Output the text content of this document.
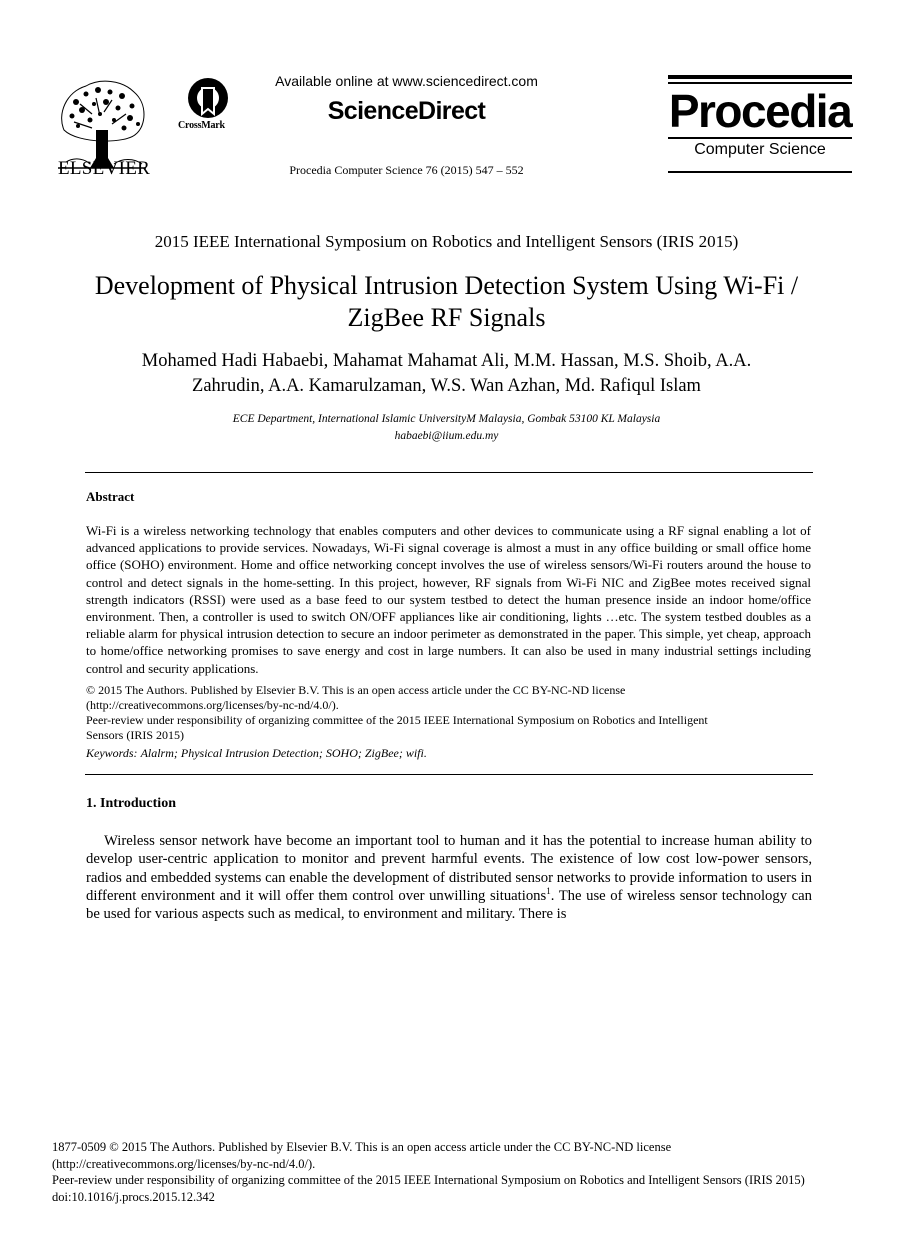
ELSEVIER
CrossMark
Available online at www.sciencedirect.com
ScienceDirect
Procedia Computer Science 76 (2015) 547 – 552
Procedia
Computer Science
2015 IEEE International Symposium on Robotics and Intelligent Sensors (IRIS 2015)
Development of Physical Intrusion Detection System Using Wi-Fi /
ZigBee RF Signals
Mohamed Hadi Habaebi, Mahamat Mahamat Ali, M.M. Hassan, M.S. Shoib, A.A.
Zahrudin, A.A. Kamarulzaman, W.S. Wan Azhan, Md. Rafiqul Islam
ECE Department, International Islamic UniversityM Malaysia, Gombak 53100 KL Malaysia
habaebi@iium.edu.my
Abstract
Wi-Fi is a wireless networking technology that enables computers and other devices to communicate using a RF signal enabling a lot of advanced applications to provide services. Nowadays, Wi-Fi signal coverage is almost a must in any office building or small office home office (SOHO) environment. Home and office networking concept involves the use of wireless sensors/Wi-Fi routers around the house to control and detect signals in the home-setting. In this project, however, RF signals from Wi-Fi NIC and ZigBee motes received signal strength indicators (RSSI) were used as a base feed to our system testbed to detect the human presence inside an indoor home/office environment. Then, a controller is used to switch ON/OFF appliances like air conditioning, lights …etc. The system testbed doubles as a reliable alarm for physical intrusion detection to secure an indoor perimeter as demonstrated in the paper. This simple, yet cheap, approach to home/office networking promises to save energy and cost in large numbers. It can also be used in many industrial settings including control and security applications.
© 2015 The Authors. Published by Elsevier B.V. This is an open access article under the CC BY-NC-ND license
(http://creativecommons.org/licenses/by-nc-nd/4.0/).
Peer-review under responsibility of organizing committee of the 2015 IEEE International Symposium on Robotics and Intelligent
Sensors (IRIS 2015)
Keywords: Alalrm; Physical Intrusion Detection; SOHO; ZigBee; wifi.
1. Introduction
Wireless sensor network have become an important tool to human and it has the potential to increase human ability to develop user-centric application to monitor and prevent harmful events. The existence of low cost low-power sensors, radios and embedded systems can enable the development of distributed sensor networks to provide information to users in different environment and it will offer them control over unwilling situations$^1$. The use of wireless sensor technology can be used for various aspects such as medical, to environment and military. There is
1877-0509 © 2015 The Authors. Published by Elsevier B.V. This is an open access article under the CC BY-NC-ND license
(http://creativecommons.org/licenses/by-nc-nd/4.0/).
Peer-review under responsibility of organizing committee of the 2015 IEEE International Symposium on Robotics and Intelligent Sensors (IRIS 2015)
doi:10.1016/j.procs.2015.12.342
